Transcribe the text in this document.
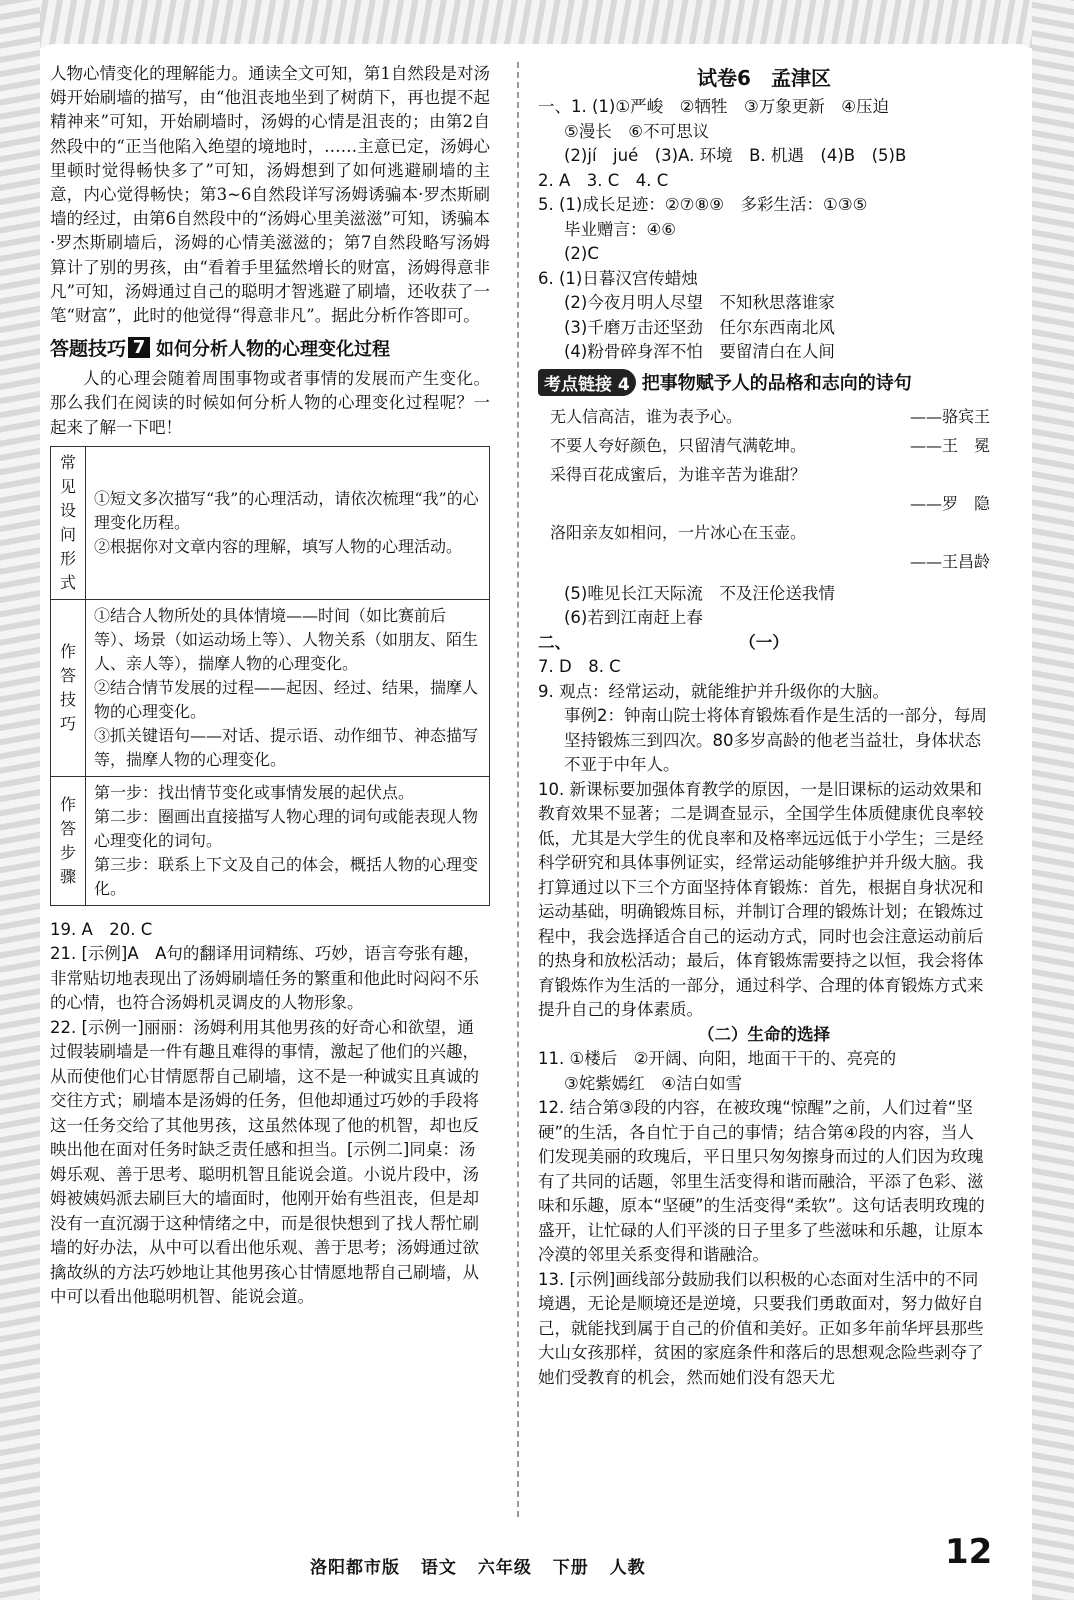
人物心情变化的理解能力。通读全文可知，第1自然段是对汤姆开始刷墙的描写，由“他沮丧地坐到了树荫下，再也提不起精神来”可知，开始刷墙时，汤姆的心情是沮丧的；由第2自然段中的“正当他陷入绝望的境地时，……主意已定，汤姆心里顿时觉得畅快多了”可知，汤姆想到了如何逃避刷墙的主意，内心觉得畅快；第3~6自然段详写汤姆诱骗本·罗杰斯刷墙的经过，由第6自然段中的“汤姆心里美滋滋”可知，诱骗本·罗杰斯刷墙后，汤姆的心情美滋滋的；第7自然段略写汤姆算计了别的男孩，由“看着手里猛然增长的财富，汤姆得意非凡”可知，汤姆通过自己的聪明才智逃避了刷墙，还收获了一笔“财富”，此时的他觉得“得意非凡”。据此分析作答即可。

答题技巧 7 如何分析人物的心理变化过程

人的心理会随着周围事物或者事情的发展而产生变化。那么我们在阅读的时候如何分析人物的心理变化过程呢？一起来了解一下吧！

常见设问形式	①短文多次描写“我”的心理活动，请依次梳理“我”的心理变化历程。
②根据你对文章内容的理解，填写人物的心理活动。

作答技巧	①结合人物所处的具体情境——时间（如比赛前后等）、场景（如运动场上等）、人物关系（如朋友、陌生人、亲人等），揣摩人物的心理变化。
②结合情节发展的过程——起因、经过、结果，揣摩人物的心理变化。
③抓关键语句——对话、提示语、动作细节、神态描写等，揣摩人物的心理变化。

作答步骤	第一步：找出情节变化或事情发展的起伏点。
第二步：圈画出直接描写人物心理的词句或能表现人物心理变化的词句。
第三步：联系上下文及自己的体会，概括人物的心理变化。

19. A　20. C

21. [示例]A　A句的翻译用词精练、巧妙，语言夸张有趣，非常贴切地表现出了汤姆刷墙任务的繁重和他此时闷闷不乐的心情，也符合汤姆机灵调皮的人物形象。

22. [示例一]丽丽：汤姆利用其他男孩的好奇心和欲望，通过假装刷墙是一件有趣且难得的事情，激起了他们的兴趣，从而使他们心甘情愿帮自己刷墙，这不是一种诚实且真诚的交往方式；刷墙本是汤姆的任务，但他却通过巧妙的手段将这一任务交给了其他男孩，这虽然体现了他的机智，却也反映出他在面对任务时缺乏责任感和担当。[示例二]同桌：汤姆乐观、善于思考、聪明机智且能说会道。小说片段中，汤姆被姨妈派去刷巨大的墙面时，他刚开始有些沮丧，但是却没有一直沉溺于这种情绪之中，而是很快想到了找人帮忙刷墙的好办法，从中可以看出他乐观、善于思考；汤姆通过欲擒故纵的方法巧妙地让其他男孩心甘情愿地帮自己刷墙，从中可以看出他聪明机智、能说会道。

试卷6　孟津区

一、1. (1)①严峻　②牺牲　③万象更新　④压迫

⑤漫长　⑥不可思议

(2)jí　jué　(3)A. 环境　B. 机遇　(4)B　(5)B

2. A　3. C　4. C

5. (1)成长足迹：②⑦⑧⑨　多彩生活：①③⑤

毕业赠言：④⑥

(2)C

6. (1)日暮汉宫传蜡烛

(2)今夜月明人尽望　不知秋思落谁家

(3)千磨万击还坚劲　任尔东西南北风

(4)粉骨碎身浑不怕　要留清白在人间

考点链接 4 把事物赋予人的品格和志向的诗句

无人信高洁，谁为表予心。	——骆宾王

不要人夸好颜色，只留清气满乾坤。	——王　冕

采得百花成蜜后，为谁辛苦为谁甜？

——罗　隐

洛阳亲友如相问，一片冰心在玉壶。

——王昌龄

(5)唯见长江天际流　不及汪伦送我情

(6)若到江南赶上春

二、	（一）

7. D　8. C

9. 观点：经常运动，就能维护并升级你的大脑。

事例2：钟南山院士将体育锻炼看作是生活的一部分，每周坚持锻炼三到四次。80多岁高龄的他老当益壮，身体状态不亚于中年人。

10. 新课标要加强体育教学的原因，一是旧课标的运动效果和教育效果不显著；二是调查显示，全国学生体质健康优良率较低，尤其是大学生的优良率和及格率远远低于小学生；三是经科学研究和具体事例证实，经常运动能够维护并升级大脑。我打算通过以下三个方面坚持体育锻炼：首先，根据自身状况和运动基础，明确锻炼目标，并制订合理的锻炼计划；在锻炼过程中，我会选择适合自己的运动方式，同时也会注意运动前后的热身和放松活动；最后，体育锻炼需要持之以恒，我会将体育锻炼作为生活的一部分，通过科学、合理的体育锻炼方式来提升自己的身体素质。

（二）生命的选择

11. ①楼后　②开阔、向阳，地面干干的、亮亮的

③姹紫嫣红　④洁白如雪

12. 结合第③段的内容，在被玫瑰“惊醒”之前，人们过着“坚硬”的生活，各自忙于自己的事情；结合第④段的内容，当人们发现美丽的玫瑰后，平日里只匆匆擦身而过的人们因为玫瑰有了共同的话题，邻里生活变得和谐而融洽，平添了色彩、滋味和乐趣，原本“坚硬”的生活变得“柔软”。这句话表明玫瑰的盛开，让忙碌的人们平淡的日子里多了些滋味和乐趣，让原本冷漠的邻里关系变得和谐融洽。

13. [示例]画线部分鼓励我们以积极的心态面对生活中的不同境遇，无论是顺境还是逆境，只要我们勇敢面对，努力做好自己，就能找到属于自己的价值和美好。正如多年前华坪县那些大山女孩那样，贫困的家庭条件和落后的思想观念险些剥夺了她们受教育的机会，然而她们没有怨天尤

洛阳都市版 语文 六年级 下册 人教	12
